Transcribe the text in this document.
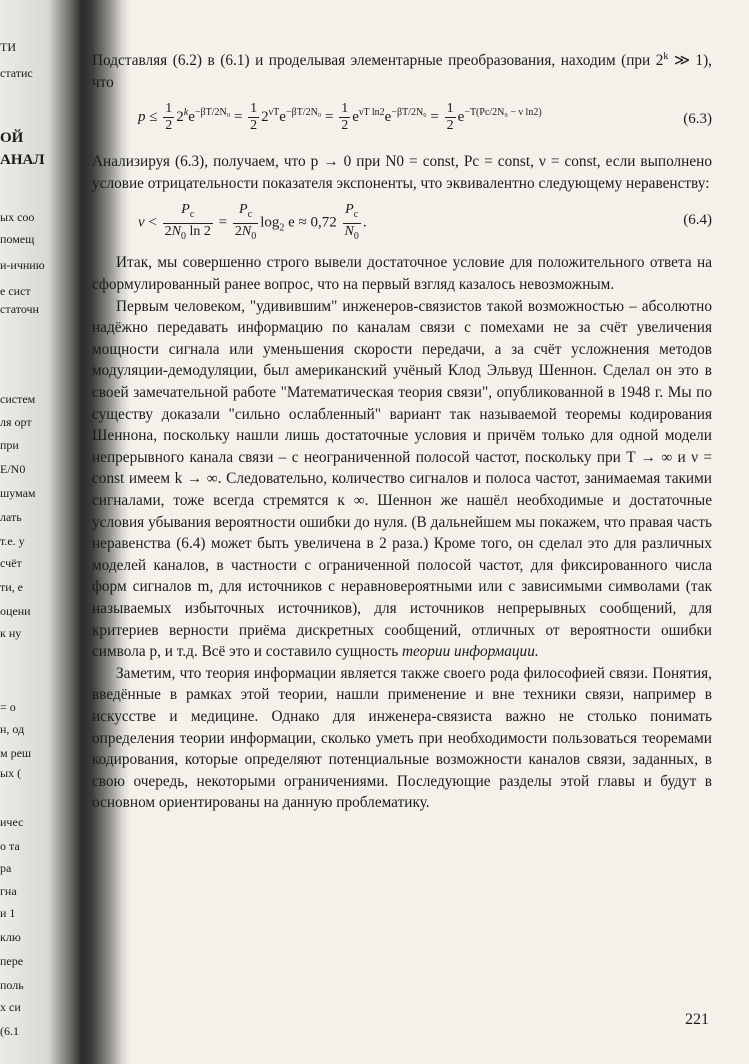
ТИ
статис
ОЙ
АНАЛ
ых соо
помещ
и-ичнию
е сист
статочн
систем
ля орт
при
E/N0
шумам
лать
т.е. у
счёт
ти, е
оцени
к ну
= о
н, од
м реш
ых (
ичес
о та
ра
гна
и 1
клю
пере
поль
х си
(6.1

Подставляя (6.2) в (6.1) и проделывая элементарные преобразования, находим (при 2$^k$ ≫ 1), что

$p \le \frac{1}{2} 2^ke^{-\beta T/2N_0} = \frac{1}{2} 2^{\nu T}e^{-\beta T/2N_0} = \frac{1}{2} e^{\nu T ln2}e^{-\beta T/2N_0} = \frac{1}{2} e^{-T(Pc/2N_0 - \nu ln2)}$	(6.3)

Анализируя (6.3), получаем, что p → 0 при N0 = const, Pc = const, ν = const, если выполнено условие отрицательности показателя экспоненты, что эквивалентно следующему неравенству:

$\nu < \frac{P_c}{2N_0 \ln 2} = \frac{P_c}{2N_0} \log_2 e \approx 0,72 \frac{P_c}{N_0}$ .	(6.4)

Итак, мы совершенно строго вывели достаточное условие для положительного ответа на сформулированный ранее вопрос, что на первый взгляд казалось невозможным.

Первым человеком, "удивившим" инженеров-связистов такой возможностью – абсолютно надёжно передавать информацию по каналам связи с помехами не за счёт увеличения мощности сигнала или уменьшения скорости передачи, а за счёт усложнения методов модуляции-демодуляции, был американский учёный Клод Эльвуд Шеннон. Сделал он это в своей замечательной работе "Математическая теория связи", опубликованной в 1948 г. Мы по существу доказали "сильно ослабленный" вариант так называемой теоремы кодирования Шеннона, поскольку нашли лишь достаточные условия и причём только для одной модели непрерывного канала связи – с неограниченной полосой частот, поскольку при T → ∞ и ν = const имеем k → ∞. Следовательно, количество сигналов и полоса частот, занимаемая такими сигналами, тоже всегда стремятся к ∞. Шеннон же нашёл необходимые и достаточные условия убывания вероятности ошибки до нуля. (В дальнейшем мы покажем, что правая часть неравенства (6.4) может быть увеличена в 2 раза.) Кроме того, он сделал это для различных моделей каналов, в частности с ограниченной полосой частот, для фиксированного числа форм сигналов m, для источников с неравновероятными или с зависимыми символами (так называемых избыточных источников), для источников непрерывных сообщений, для критериев верности приёма дискретных сообщений, отличных от вероятности ошибки символа p, и т.д. Всё это и составило сущность теории информации.

Заметим, что теория информации является также своего рода философией связи. Понятия, введённые в рамках этой теории, нашли применение и вне техники связи, например в искусстве и медицине. Однако для инженера-связиста важно не столько понимать определения теории информации, сколько уметь при необходимости пользоваться теоремами кодирования, которые определяют потенциальные возможности каналов связи, заданных, в свою очередь, некоторыми ограничениями. Последующие разделы этой главы и будут в основном ориентированы на данную проблематику.

221
